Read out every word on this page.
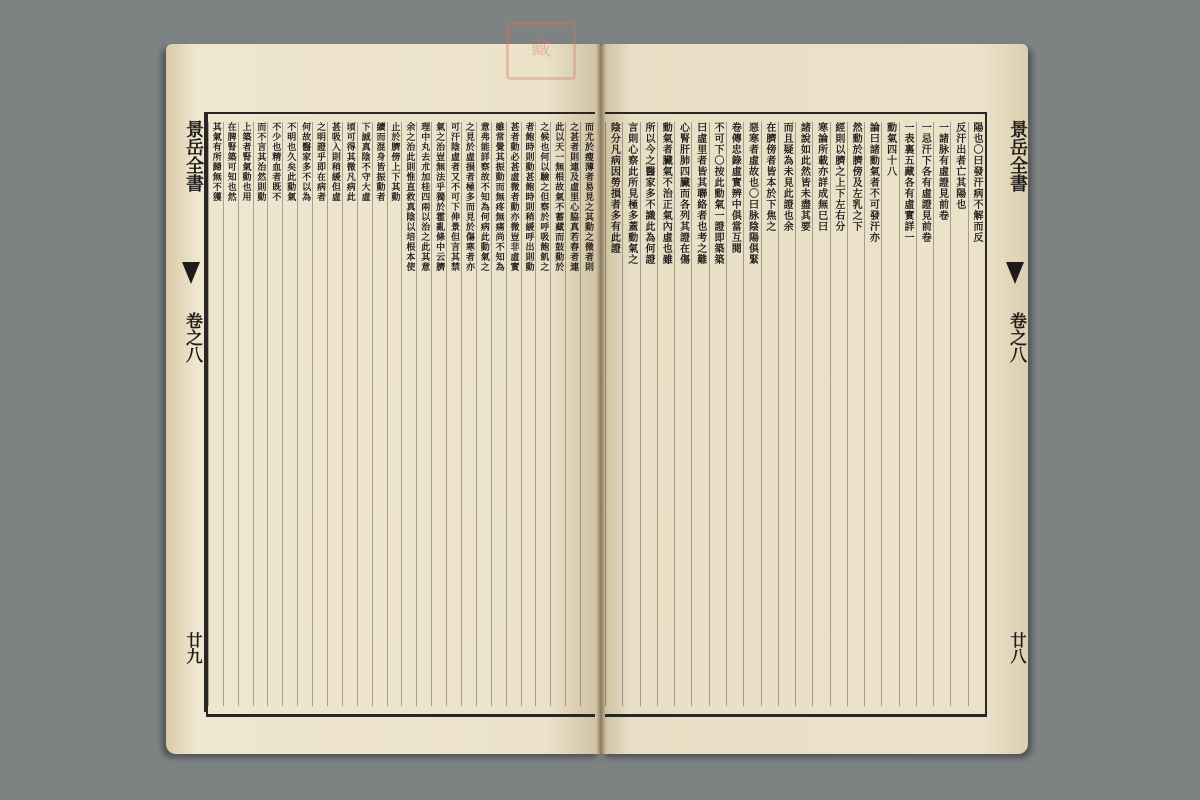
藏
景岳全書
卷之八
廿九
而尤於瘦薄者易見之其動之微者則
之甚者則連及虛里心脇真若舂者連
此以天一無根故氣不蓄藏而鼓動於
之候也何以驗之但察於呼吸飽飢之
者飽時則動甚飽時則稍緩呼出則動
甚者動必甚虛微者動亦微豈非虛實
雖常覺其振動而無疼無痛尚不知為
意弗能詳察故不知為何病此動氣之
之見於虛損者極多而見於傷寒者亦
可汗陰虛者又不可下伸景但言其禁
氣之治豈無法乎獨於霍亂條中云臍
理中丸去朮加桂四兩以治之此其意
余之治此則惟直救真陰以培根本使
止於臍傍上下其動
續而混身皆振動者
下誠真陰不守大虛
頃可得其微凡病此
甚吸入則稍緩但虛
之明證乎即在病者
何故醫家多不以為
不明也久矣此動氣
不少也精血者既不
而不言其治然則動
上築者腎氣動也用
在脾腎築可知也然
其氣有所歸無不獲	景岳全書
卷之八
廿八
陽也〇曰發汗病不解而反
反汗出者亡其陽也
一諸脉有虛證見前卷
一忌汗下各有虛證見前卷
一表裏五藏各有虛實詳一
動氣四十八
論曰諸動氣者不可發汗亦
然動於臍傍及左乳之下
經則以臍之上下左右分
寒論所載亦詳成無巳曰
諸說如此然皆未盡其要
而且疑為未見此證也余
在臍傍者皆本於下焦之
惡寒者虛故也〇曰脉陰陽俱緊
卷傳忠錄虛實辨中俱當互閱
不可下〇按此動氣一證即築築
曰虛里者皆其聯絡者也考之難
心腎肝肺四臟而各列其證在傷
動氣者臟氣不治正氣內虛也雖
所以今之醫家多不識此為何證
言則心察此所見極多蓋動氣之
陰分凡病因勞損者多有此證
